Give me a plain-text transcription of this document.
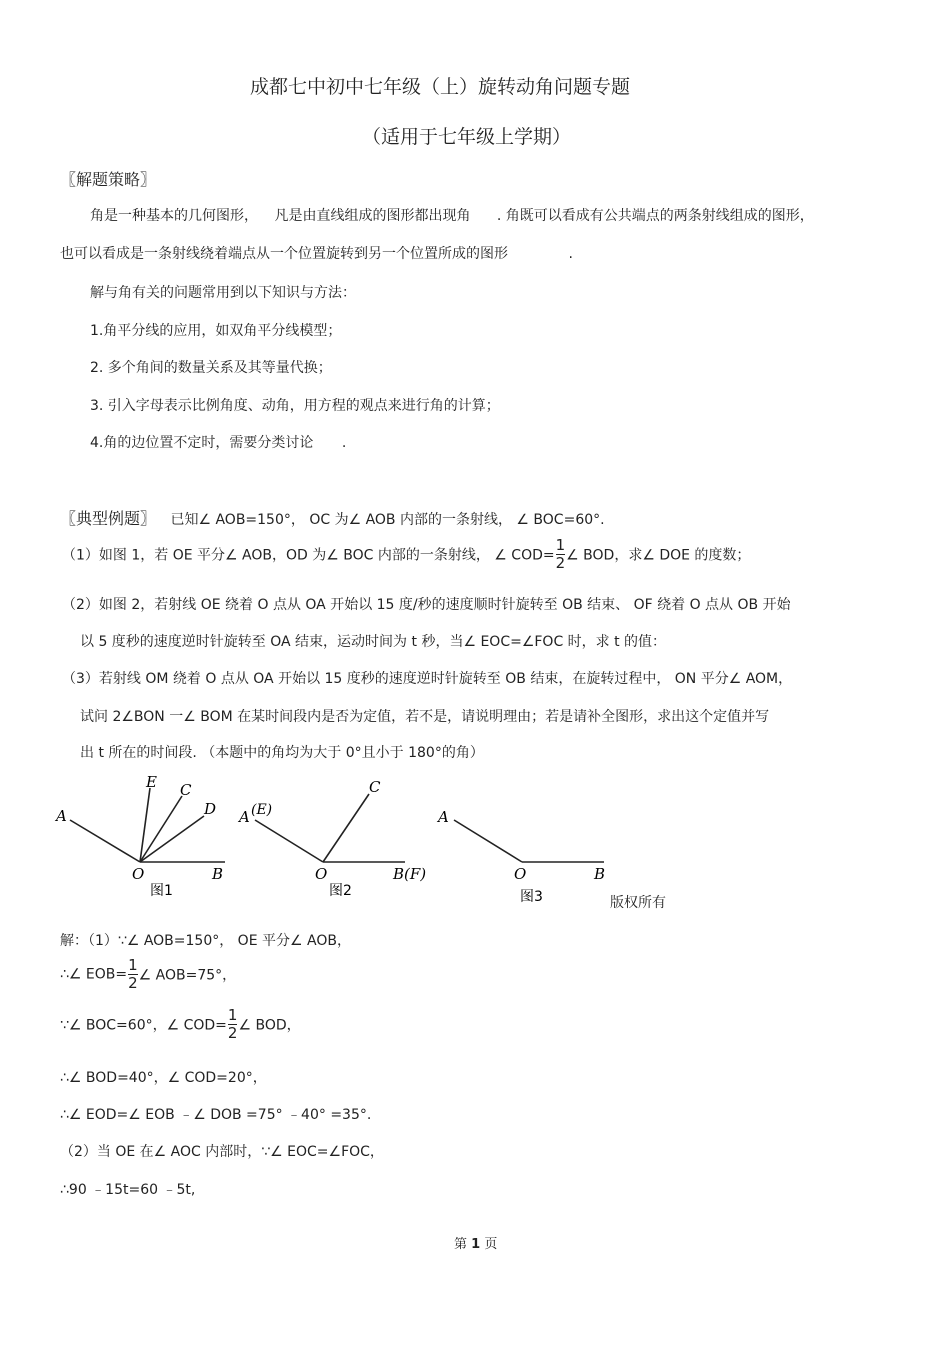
成都七中初中七年级（上）旋转动角问题专题
（适用于七年级上学期）
〖解题策略〗
角是一种基本的几何图形， 凡是由直线组成的图形都出现角 . 角既可以看成有公共端点的两条射线组成的图形，
也可以看成是一条射线绕着端点从一个位置旋转到另一个位置所成的图形	.
解与角有关的问题常用到以下知识与方法：
1.角平分线的应用，如双角平分线模型；
2. 多个角间的数量关系及其等量代换；
3. 引入字母表示比例角度、动角，用方程的观点来进行角的计算；
4.角的边位置不定时，需要分类讨论 .
〖典型例题〗 已知∠ AOB=150°， OC 为∠ AOB 内部的一条射线， ∠ BOC=60°.
（1）如图 1，若 OE 平分∠ AOB，OD 为∠ BOC 内部的一条射线， ∠ $COD= \frac{1}{2}$ ∠ BOD，求∠ DOE 的度数；
（2）如图 2，若射线 OE 绕着 O 点从 OA 开始以 15 度/秒的速度顺时针旋转至 OB 结束、 OF 绕着 O 点从 OB 开始
以 5 度秒的速度逆时针旋转至 OA 结束，运动时间为 t 秒，当∠ EOC=∠FOC 时，求 t 的值：
（3）若射线 OM 绕着 O 点从 OA 开始以 15 度秒的速度逆时针旋转至 OB 结束，在旋转过程中， ON 平分∠ AOM，
试问 2∠BON 一∠ BOM 在某时间段内是否为定值，若不是，请说明理由；若是请补全图形，求出这个定值并写
出 t 所在的时间段. （本题中的角均为大于 0°且小于 180°的角）
A
E C
D
O	B
图1
A (E)
C
O	B(F)
图2
A
O	B
图3	版权所有
解：（1）∵∠ AOB=150°， OE 平分∠ AOB，
∴∠ $EOB= \frac{1}{2}$ ∠ AOB=75°，
∵∠ BOC=60°，∠ $COD= \frac{1}{2}$ ∠ BOD，
∴∠ BOD=40°，∠ COD=20°，
∴∠ EOD=∠ EOB ﹣∠ DOB =75° ﹣40° =35°.
（2）当 OE 在∠ AOC 内部时，∵∠ EOC=∠FOC，
∴90 ﹣15t=60 ﹣5t,
第 1 页
